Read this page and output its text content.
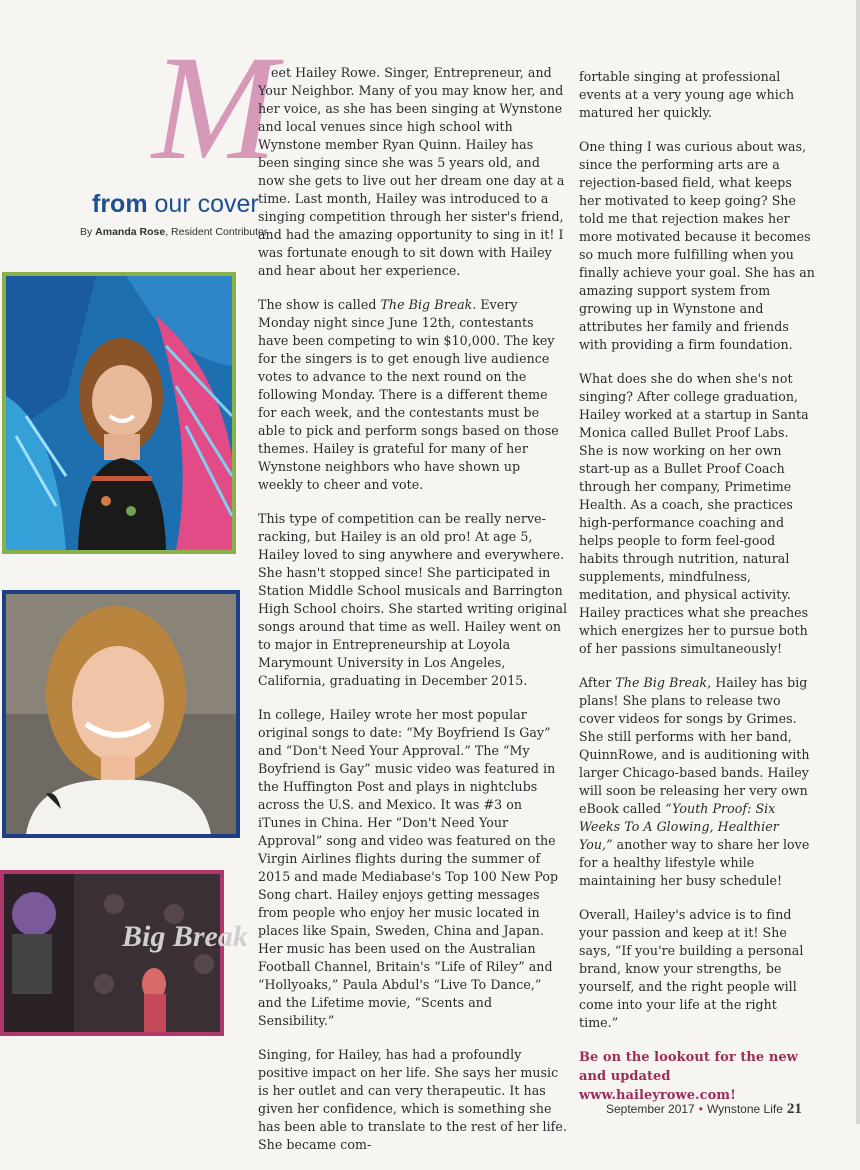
M
from our cover
By Amanda Rose, Resident Contributor
Big Break

eet Hailey Rowe. Singer, Entrepreneur, and Your Neighbor. Many of you may know her, and her voice, as she has been singing at Wynstone and local venues since high school with Wynstone member Ryan Quinn. Hailey has been singing since she was 5 years old, and now she gets to live out her dream one day at a time. Last month, Hailey was introduced to a singing competition through her sister's friend, and had the amazing opportunity to sing in it! I was fortunate enough to sit down with Hailey and hear about her experience.

The show is called The Big Break. Every Monday night since June 12th, contestants have been competing to win $10,000. The key for the singers is to get enough live audience votes to advance to the next round on the following Monday. There is a different theme for each week, and the contestants must be able to pick and perform songs based on those themes. Hailey is grateful for many of her Wynstone neighbors who have shown up weekly to cheer and vote.

This type of competition can be really nerve-racking, but Hailey is an old pro! At age 5, Hailey loved to sing anywhere and everywhere. She hasn't stopped since! She participated in Station Middle School musicals and Barrington High School choirs. She started writing original songs around that time as well. Hailey went on to major in Entrepreneurship at Loyola Marymount University in Los Angeles, California, graduating in December 2015.

In college, Hailey wrote her most popular original songs to date: “My Boyfriend Is Gay” and “Don't Need Your Approval.” The “My Boyfriend is Gay” music video was featured in the Huffington Post and plays in nightclubs across the U.S. and Mexico. It was #3 on iTunes in China. Her “Don't Need Your Approval” song and video was featured on the Virgin Airlines flights during the summer of 2015 and made Mediabase's Top 100 New Pop Song chart. Hailey enjoys getting messages from people who enjoy her music located in places like Spain, Sweden, China and Japan. Her music has been used on the Australian Football Channel, Britain's “Life of Riley” and “Hollyoaks,” Paula Abdul's “Live To Dance,” and the Lifetime movie, “Scents and Sensibility.”

Singing, for Hailey, has had a profoundly positive impact on her life. She says her music is her outlet and can very therapeutic. It has given her confidence, which is something she has been able to translate to the rest of her life. She became com-

fortable singing at professional events at a very young age which matured her quickly.

One thing I was curious about was, since the performing arts are a rejection-based field, what keeps her motivated to keep going? She told me that rejection makes her more motivated because it becomes so much more fulfilling when you finally achieve your goal. She has an amazing support system from growing up in Wynstone and attributes her family and friends with providing a firm foundation.

What does she do when she's not singing? After college graduation, Hailey worked at a startup in Santa Monica called Bullet Proof Labs. She is now working on her own start-up as a Bullet Proof Coach through her company, Primetime Health. As a coach, she practices high-performance coaching and helps people to form feel-good habits through nutrition, natural supplements, mindfulness, meditation, and physical activity. Hailey practices what she preaches which energizes her to pursue both of her passions simultaneously!

After The Big Break, Hailey has big plans! She plans to release two cover videos for songs by Grimes. She still performs with her band, QuinnRowe, and is auditioning with larger Chicago-based bands. Hailey will soon be releasing her very own eBook called “Youth Proof: Six Weeks To A Glowing, Healthier You,” another way to share her love for a healthy lifestyle while maintaining her busy schedule!

Overall, Hailey's advice is to find your passion and keep at it! She says, “If you're building a personal brand, know your strengths, be yourself, and the right people will come into your life at the right time.”

Be on the lookout for the new and updated www.haileyrowe.com!

September 2017 • Wynstone Life 21
